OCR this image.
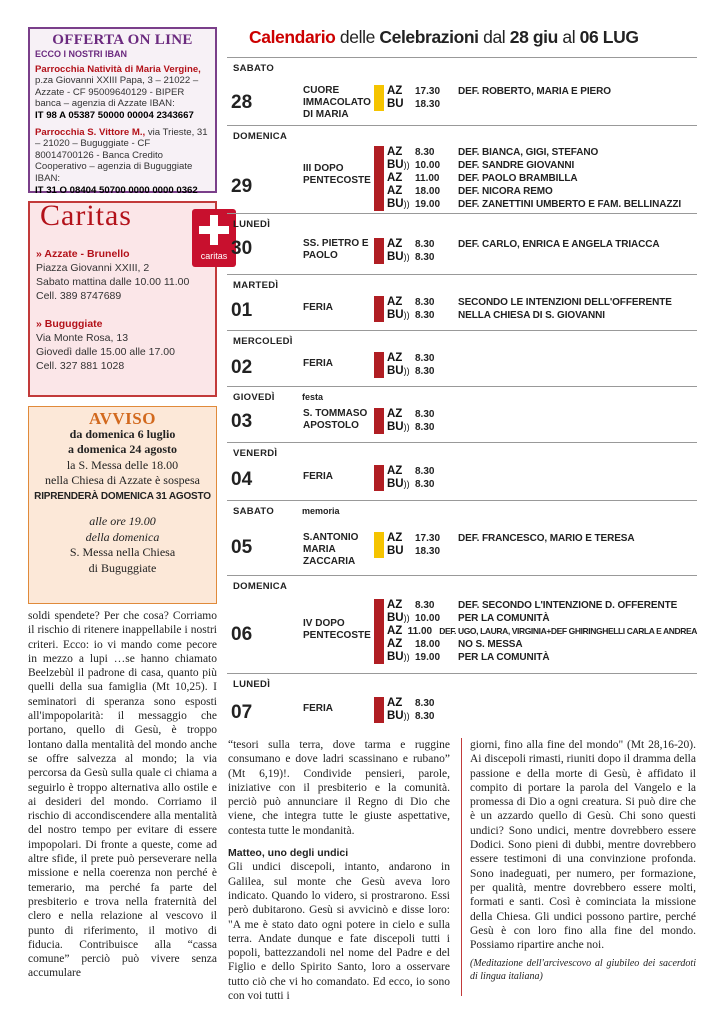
OFFERTA ON LINE
ECCO I NOSTRI IBAN

Parrocchia Natività di Maria Vergine, p.za Giovanni XXIII Papa, 3 – 21022 – Azzate - CF 95009640129 - BIPER banca – agenzia di Azzate IBAN:
IT 98 A 05387 50000 00004 2343667

Parrocchia S. Vittore M., via Trieste, 31 – 21020 – Buguggiate - CF 80014700126 - Banca Credito Cooperativo – agenzia di Buguggiate IBAN:
IT 31 O 08404 50700 0000 0000 0362

Caritas
caritas
» Azzate - Brunello
Piazza Giovanni XXIII, 2
Sabato mattina dalle 10.00 11.00
Cell. 389 8747689
» Buguggiate
Via Monte Rosa, 13
Giovedì dalle 15.00 alle 17.00
Cell. 327 881 1028
AVVISO
da domenica 6 luglio
a domenica 24 agosto
la S. Messa delle 18.00
nella Chiesa di Azzate è sospesa
RIPRENDERÀ DOMENICA 31 AGOSTO
alle ore 19.00
della domenica
S. Messa nella Chiesa
di Buguggiate
Calendario delle Celebrazioni dal 28 giu al 06 LUG
SABATO
28
CUORE IMMACOLATO DI MARIA
AZ	17.30	DEF. ROBERTO, MARIA E PIERO
BU	18.30
DOMENICA
29
III DOPO PENTECOSTE
AZ	8.30	DEF. BIANCA, GIGI, STEFANO
BU)) 10.00	DEF. SANDRE GIOVANNI
AZ	11.00	DEF. PAOLO BRAMBILLA
AZ	18.00	DEF. NICORA REMO
BU)) 19.00	DEF. ZANETTINI UMBERTO E FAM. BELLINAZZI
LUNEDÌ
30	SS. PIETRO E PAOLO
AZ	8.30	DEF. CARLO, ENRICA E ANGELA TRIACCA
BU)) 8.30
MARTEDÌ
01	FERIA	AZ	8.30	SECONDO LE INTENZIONI DELL'OFFERENTE
BU)) 8.30	NELLA CHIESA DI S. GIOVANNI
MERCOLEDÌ
02	FERIA	AZ	8.30
BU)) 8.30
GIOVEDÌ	festa
03	S. TOMMASO APOSTOLO
AZ	8.30
BU)) 8.30
VENERDÌ
04	FERIA	AZ	8.30
BU)) 8.30
SABATO	memoria
05	S.ANTONIO MARIA ZACCARIA
AZ	17.30	DEF. FRANCESCO, MARIO E TERESA
BU	18.30
DOMENICA
06
IV DOPO PENTECOSTE
AZ	8.30	DEF. SECONDO L'INTENZIONE D. OFFERENTE
BU)) 10.00	PER LA COMUNITÀ
AZ 11.00 DEF. UGO, LAURA, VIRGINIA+DEF GHIRINGHELLI CARLA E ANDREA
AZ	18.00	NO S. MESSA
BU)) 19.00	PER LA COMUNITÀ
LUNEDÌ
07	FERIA	AZ	8.30
BU)) 8.30
soldi spendete? Per che cosa? Corriamo il rischio di ritenere inappellabile i nostri criteri. Ecco: io vi mando come pecore in mezzo a lupi …se hanno chiamato Beelzebùl il padrone di casa, quanto più quelli della sua famiglia (Mt 10,25). I seminatori di speranza sono esposti all'impopolarità: il messaggio che portano, quello di Gesù, è troppo lontano dalla mentalità del mondo anche se offre salvezza al mondo; la via percorsa da Gesù sulla quale ci chiama a seguirlo è troppo alternativa allo ostile e ai desideri del mondo. Corriamo il rischio di accondiscendere alla mentalità del nostro tempo per evitare di essere impopolari. Di fronte a queste, come ad altre sfide, il prete può perseverare nella missione e nella coerenza non perché è temerario, ma perché fa parte del presbiterio e trova nella fraternità del clero e nella relazione al vescovo il punto di riferimento, il motivo di fiducia. Contribuisce alla “cassa comune” perciò può vivere senza accumulare
“tesori sulla terra, dove tarma e ruggine consumano e dove ladri scassinano e rubano” (Mt 6,19)!. Condivide pensieri, parole, iniziative con il presbiterio e la comunità. perciò può annunciare il Regno di Dio che viene, che integra tutte le giuste aspettative, contesta tutte le mondanità.
Matteo, uno degli undici
Gli undici discepoli, intanto, andarono in Galilea, sul monte che Gesù aveva loro indicato. Quando lo videro, si prostrarono. Essi però dubitarono. Gesù si avvicinò e disse loro: "A me è stato dato ogni potere in cielo e sulla terra. Andate dunque e fate discepoli tutti i popoli, battezzandoli nel nome del Padre e del Figlio e dello Spirito Santo, loro a osservare tutto ciò che vi ho comandato. Ed ecco, io sono con voi tutti i
giorni, fino alla fine del mondo" (Mt 28,16-20). Ai discepoli rimasti, riuniti dopo il dramma della passione e della morte di Gesù, è affidato il compito di portare la parola del Vangelo e la promessa di Dio a ogni creatura. Si può dire che è un azzardo quello di Gesù. Chi sono questi undici? Sono undici, mentre dovrebbero essere Dodici. Sono pieni di dubbi, mentre dovrebbero essere testimoni di una convinzione profonda. Sono inadeguati, per numero, per formazione, per qualità, mentre dovrebbero essere molti, formati e santi. Così è cominciata la missione della Chiesa. Gli undici possono partire, perché Gesù è con loro fino alla fine del mondo. Possiamo ripartire anche noi.
(Meditazione dell'arcivescovo al giubileo dei sacerdoti di lingua italiana)
